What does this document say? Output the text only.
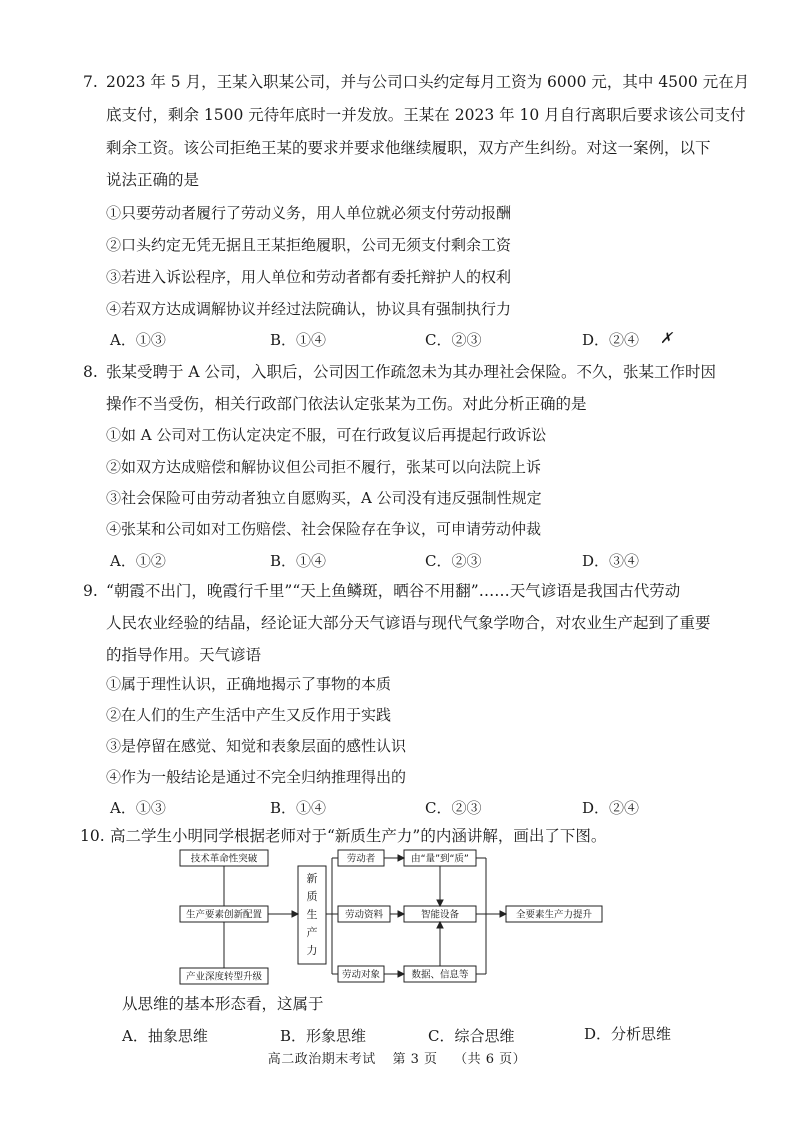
7. 2023 年 5 月，王某入职某公司，并与公司口头约定每月工资为 6000 元，其中 4500 元在月
底支付，剩余 1500 元待年底时一并发放。王某在 2023 年 10 月自行离职后要求该公司支付
剩余工资。该公司拒绝王某的要求并要求他继续履职，双方产生纠纷。对这一案例，以下
说法正确的是
①只要劳动者履行了劳动义务，用人单位就必须支付劳动报酬
②口头约定无凭无据且王某拒绝履职，公司无须支付剩余工资
③若进入诉讼程序，用人单位和劳动者都有委托辩护人的权利
④若双方达成调解协议并经过法院确认，协议具有强制执行力
A．①③	B．①④	C．②③	D．②④ ✗
8. 张某受聘于 A 公司，入职后，公司因工作疏忽未为其办理社会保险。不久，张某工作时因
操作不当受伤，相关行政部门依法认定张某为工伤。对此分析正确的是
①如 A 公司对工伤认定决定不服，可在行政复议后再提起行政诉讼
②如双方达成赔偿和解协议但公司拒不履行，张某可以向法院上诉
③社会保险可由劳动者独立自愿购买，A 公司没有违反强制性规定
④张某和公司如对工伤赔偿、社会保险存在争议，可申请劳动仲裁
A．①②	B．①④	C．②③	D．③④
9. “朝霞不出门，晚霞行千里”“天上鱼鳞斑，晒谷不用翻”……天气谚语是我国古代劳动
人民农业经验的结晶，经论证大部分天气谚语与现代气象学吻合，对农业生产起到了重要
的指导作用。天气谚语
①属于理性认识，正确地揭示了事物的本质
②在人们的生产生活中产生又反作用于实践
③是停留在感觉、知觉和表象层面的感性认识
④作为一般结论是通过不完全归纳推理得出的
A．①③	B．①④	C．②③	D．②④
10. 高二学生小明同学根据老师对于“新质生产力”的内涵讲解，画出了下图。
技术革命性突破
生产要素创新配置
产业深度转型升级
新
质
生
产
力
劳动者
劳动资料
劳动对象
由“量”到“质”
智能设备
数据、信息等
全要素生产力提升
从思维的基本形态看，这属于
A．抽象思维	B．形象思维	C．综合思维	D．分析思维
高二政治期末考试 第 3 页 （共 6 页）
